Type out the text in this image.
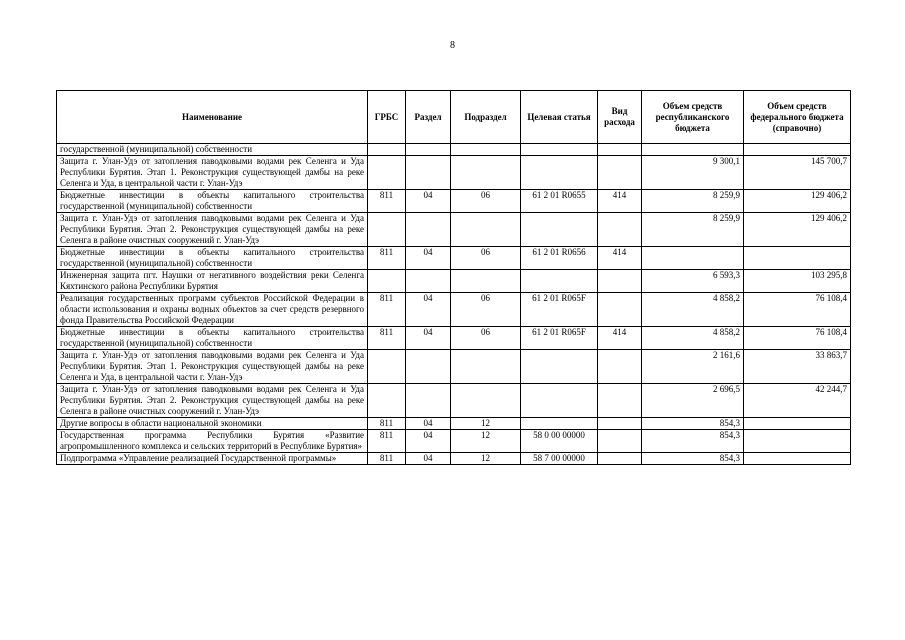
8
Наименование	ГРБС	Раздел	Подраздел	Целевая статья	Вид расхода	Объем средств республиканского бюджета	Объем средств федерального бюджета (справочно)
государственной (муниципальной) собственности							
Защита г. Улан-Удэ от затопления паводковыми водами рек Селенга и Уда Республики Бурятия. Этап 1. Реконструкция существующей дамбы на реке Селенга и Уда, в центральной части г. Улан-Удэ						9 300,1	145 700,7
Бюджетные инвестиции в объекты капитального строительства государственной (муниципальной) собственности	811	04	06	61 2 01 R0655	414	8 259,9	129 406,2
Защита г. Улан-Удэ от затопления паводковыми водами рек Селенга и Уда Республики Бурятия. Этап 2. Реконструкция существующей дамбы на реке Селенга в районе очистных сооружений г. Улан-Удэ						8 259,9	129 406,2
Бюджетные инвестиции в объекты капитального строительства государственной (муниципальной) собственности	811	04	06	61 2 01 R0656	414		
Инженерная защита пгт. Наушки от негативного воздействия реки Селенга Кяхтинского района Республики Бурятия						6 593,3	103 295,8
Реализация государственных программ субъектов Российской Федерации в области использования и охраны водных объектов за счет средств резервного фонда Правительства Российской Федерации	811	04	06	61 2 01 R065F		4 858,2	76 108,4
Бюджетные инвестиции в объекты капитального строительства государственной (муниципальной) собственности	811	04	06	61 2 01 R065F	414	4 858,2	76 108,4
Защита г. Улан-Удэ от затопления паводковыми водами рек Селенга и Уда Республики Бурятия. Этап 1. Реконструкция существующей дамбы на реке Селенга и Уда, в центральной части г. Улан-Удэ						2 161,6	33 863,7
Защита г. Улан-Удэ от затопления паводковыми водами рек Селенга и Уда Республики Бурятия. Этап 2. Реконструкция существующей дамбы на реке Селенга в районе очистных сооружений г. Улан-Удэ						2 696,5	42 244,7
Другие вопросы в области национальной экономики	811	04	12			854,3	
Государственная программа Республики Бурятия «Развитие агропромышленного комплекса и сельских территорий в Республике Бурятия»	811	04	12	58 0 00 00000		854,3	
Подпрограмма «Управление реализацией Государственной программы»	811	04	12	58 7 00 00000		854,3	
